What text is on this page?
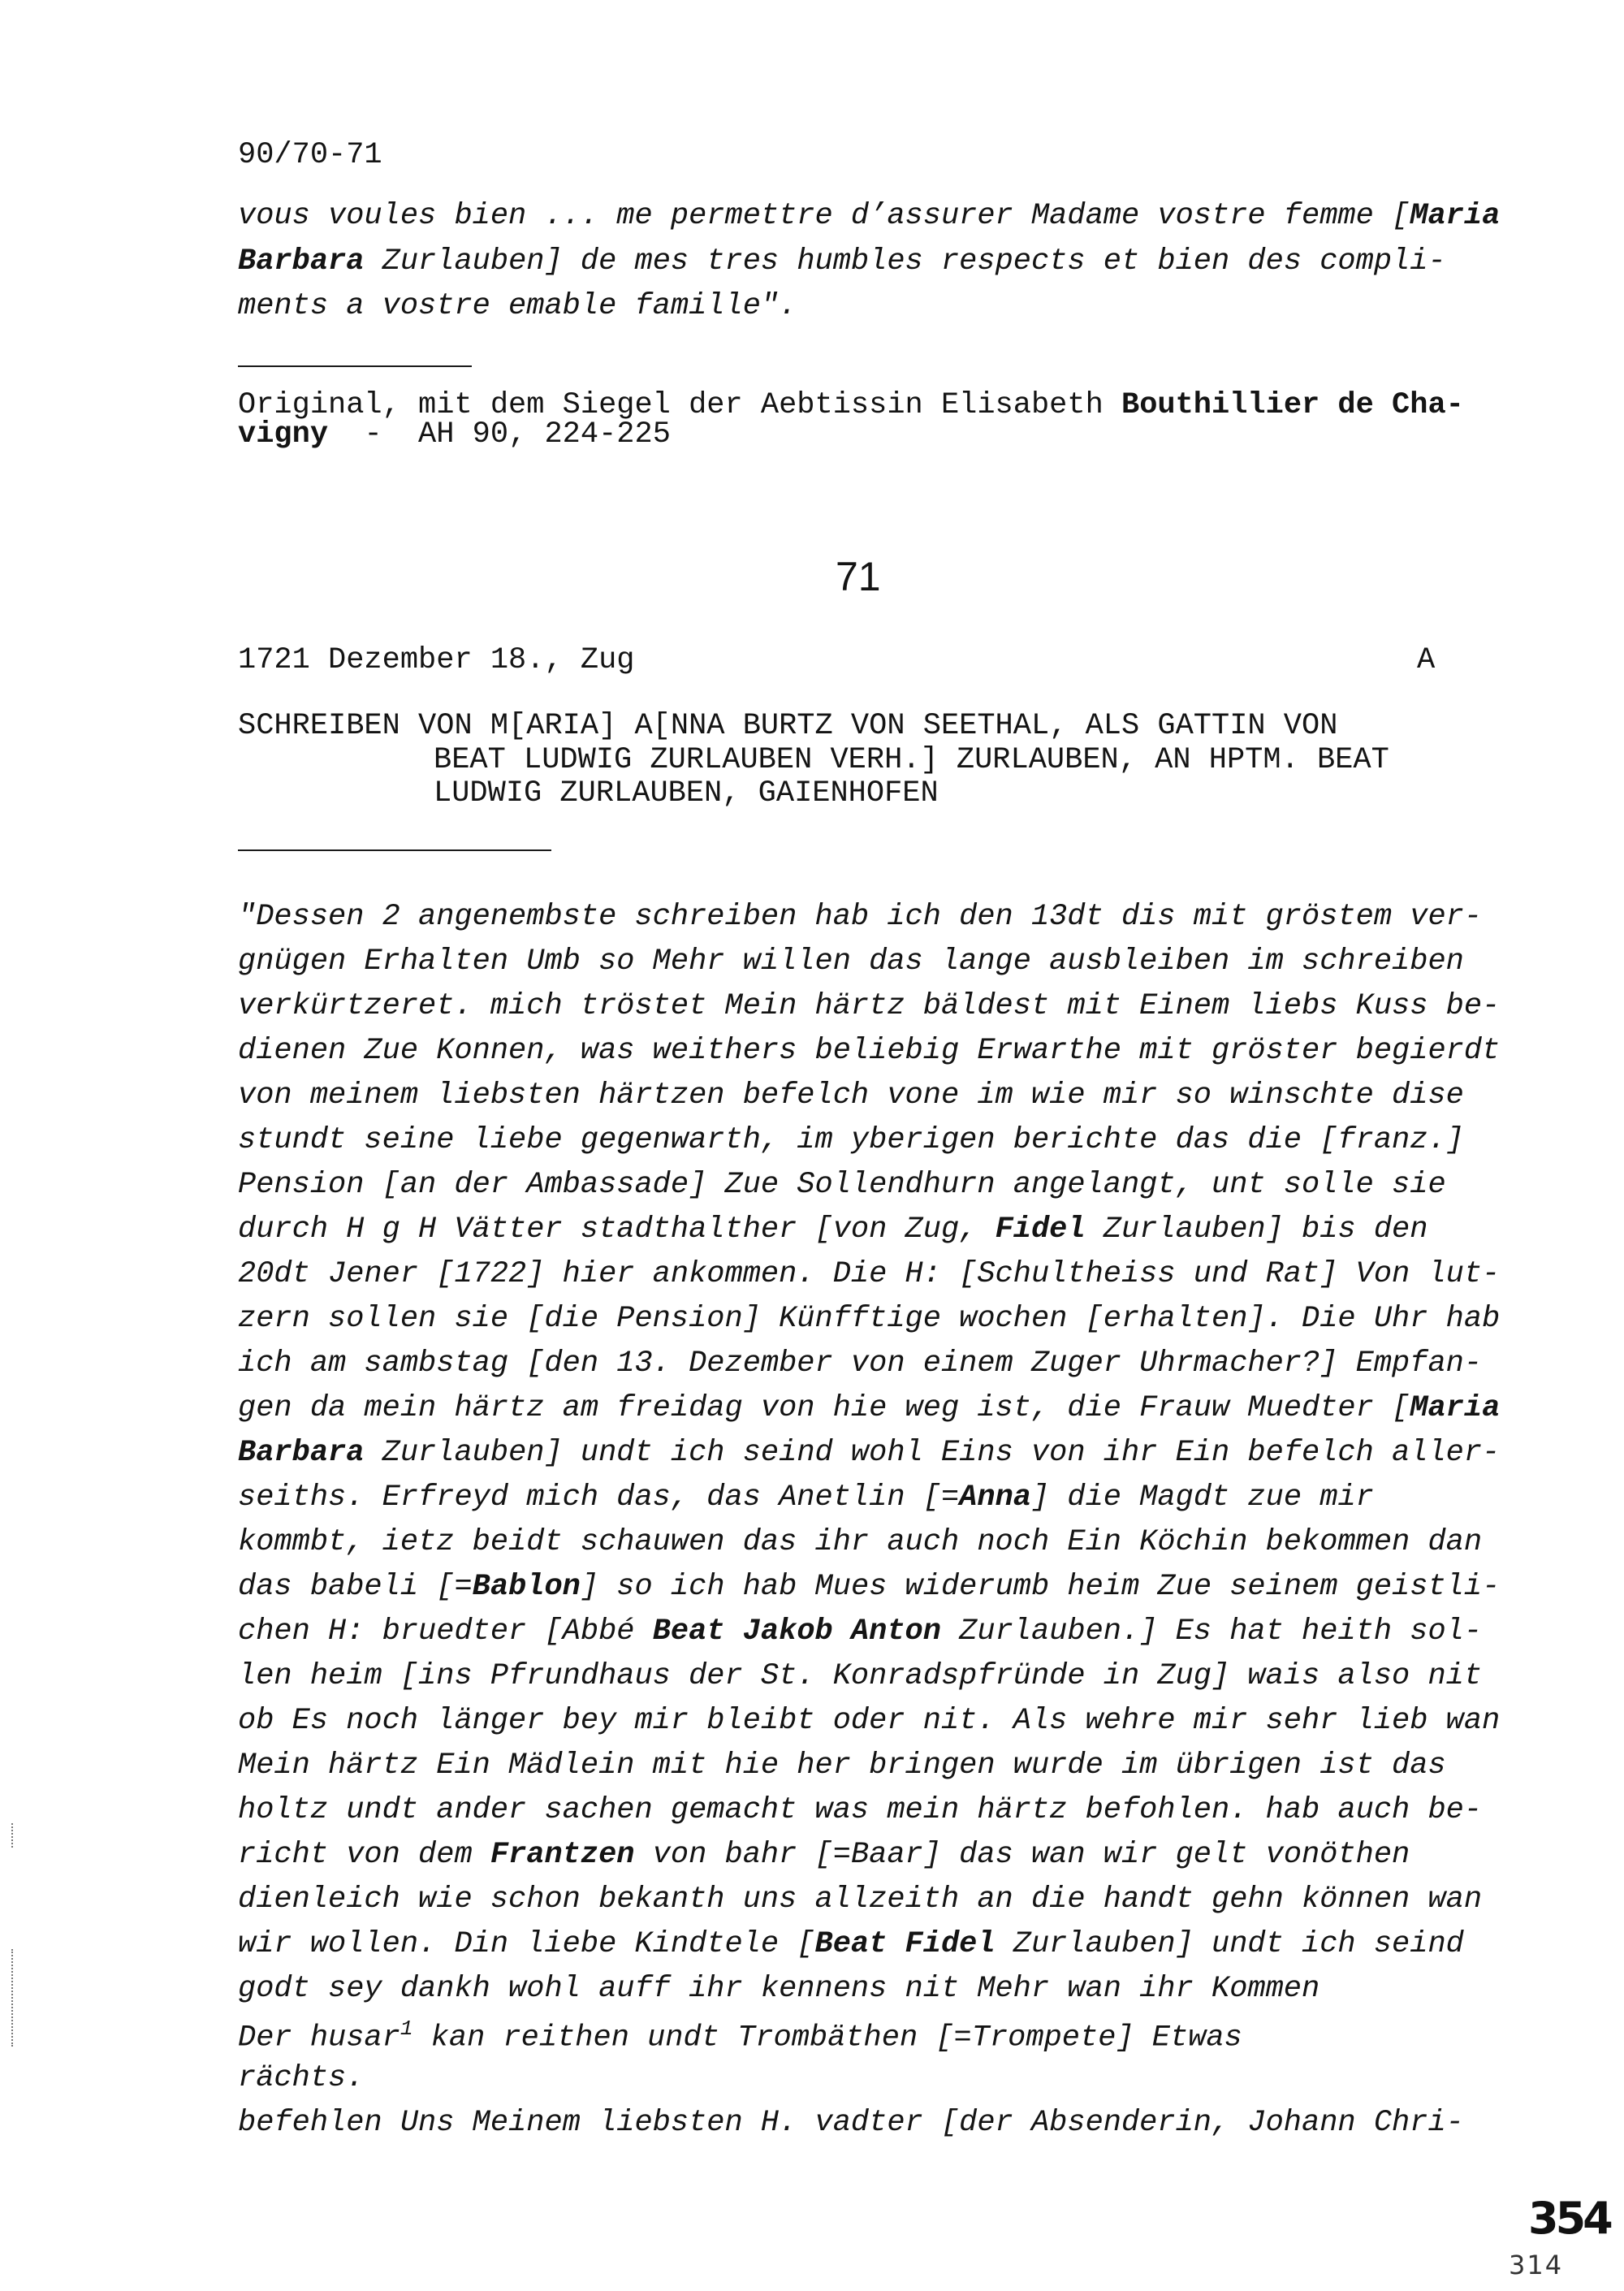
90/70-71
vous voules bien ... me permettre d’assurer Madame vostre femme [Maria
Barbara Zurlauben] de mes tres humbles respects et bien des compli-
ments a vostre emable famille".
Original, mit dem Siegel der Aebtissin Elisabeth Bouthillier de Cha-
vigny  -  AH 90, 224-225
71
1721 Dezember 18., Zug	A
SCHREIBEN VON M[ARIA] A[NNA BURTZ VON SEETHAL, ALS GATTIN VON
BEAT LUDWIG ZURLAUBEN VERH.] ZURLAUBEN, AN HPTM. BEAT
LUDWIG ZURLAUBEN, GAIENHOFEN
"Dessen 2 angenembste schreiben hab ich den 13dt dis mit gröstem ver-
gnügen Erhalten Umb so Mehr willen das lange ausbleiben im schreiben
verkürtzeret. mich tröstet Mein härtz bäldest mit Einem liebs Kuss be-
dienen Zue Konnen, was weithers beliebig Erwarthe mit gröster begierdt
von meinem liebsten härtzen befelch vone im wie mir so winschte dise
stundt seine liebe gegenwarth, im yberigen berichte das die [franz.]
Pension [an der Ambassade] Zue Sollendhurn angelangt, unt solle sie
durch H g H Vätter stadthalther [von Zug, Fidel Zurlauben] bis den
20dt Jener [1722] hier ankommen. Die H: [Schultheiss und Rat] Von lut-
zern sollen sie [die Pension] Künfftige wochen [erhalten]. Die Uhr hab
ich am sambstag [den 13. Dezember von einem Zuger Uhrmacher?] Empfan-
gen da mein härtz am freidag von hie weg ist, die Frauw Muedter [Maria
Barbara Zurlauben] undt ich seind wohl Eins von ihr Ein befelch aller-
seiths. Erfreyd mich das, das Anetlin [=Anna] die Magdt zue mir
kommbt, ietz beidt schauwen das ihr auch noch Ein Köchin bekommen dan
das babeli [=Bablon] so ich hab Mues widerumb heim Zue seinem geistli-
chen H: bruedter [Abbé Beat Jakob Anton Zurlauben.] Es hat heith sol-
len heim [ins Pfrundhaus der St. Konradspfründe in Zug] wais also nit
ob Es noch länger bey mir bleibt oder nit. Als wehre mir sehr lieb wan
Mein härtz Ein Mädlein mit hie her bringen wurde im übrigen ist das
holtz undt ander sachen gemacht was mein härtz befohlen. hab auch be-
richt von dem Frantzen von bahr [=Baar] das wan wir gelt vonöthen
dienleich wie schon bekanth uns allzeith an die handt gehn können wan
wir wollen. Din liebe Kindtele [Beat Fidel Zurlauben] undt ich seind
godt sey dankh wohl auff ihr kennens nit Mehr wan ihr Kommen
Der husar$^1$ kan reithen undt Trombäthen [=Trompete] Etwas
rächts.
befehlen Uns Meinem liebsten H. vadter [der Absenderin, Johann Chri-
354
314
